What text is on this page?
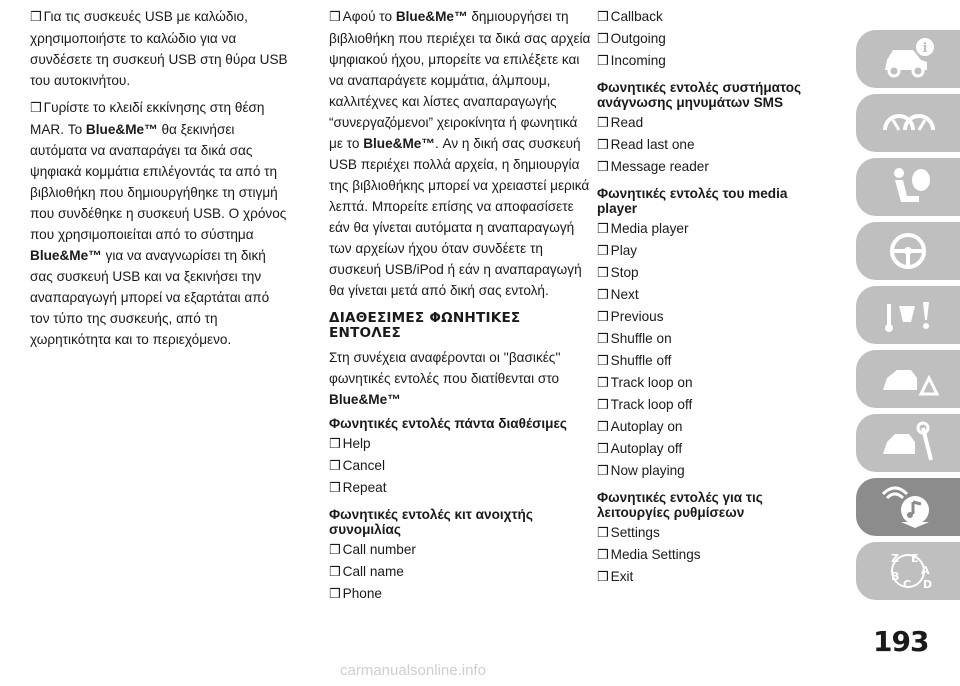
❒ Για τις συσκευές USB με καλώδιο, χρησιμοποιήστε το καλώδιο για να συνδέσετε τη συσκευή USB στη θύρα USB του αυτοκινήτου.

❒ Γυρίστε το κλειδί εκκίνησης στη θέση MAR. Το Blue&Me™ θα ξεκινήσει αυτόματα να αναπαράγει τα δικά σας ψηφιακά κομμάτια επιλέγοντάς τα από τη βιβλιοθήκη που δημιουργήθηκε τη στιγμή που συνδέθηκε η συσκευή USB. Ο χρόνος που χρησιμοποιείται από το σύστημα Blue&Me™ για να αναγνωρίσει τη δική σας συσκευή USB και να ξεκινήσει την αναπαραγωγή μπορεί να εξαρτάται από τον τύπο της συσκευής, από τη χωρητικότητα και το περιεχόμενο.

❒ Αφού το Blue&Me™ δημιουργήσει τη βιβλιοθήκη που περιέχει τα δικά σας αρχεία ψηφιακού ήχου, μπορείτε να επιλέξετε και να αναπαράγετε κομμάτια, άλμπουμ, καλλιτέχνες και λίστες αναπαραγωγής “συνεργαζόμενοι” χειροκίνητα ή φωνητικά με το Blue&Me™. Αν η δική σας συσκευή USB περιέχει πολλά αρχεία, η δημιουργία της βιβλιοθήκης μπορεί να χρειαστεί μερικά λεπτά. Μπορείτε επίσης να αποφασίσετε εάν θα γίνεται αυτόματα η αναπαραγωγή των αρχείων ήχου όταν συνδέετε τη συσκευή USB/iPod ή εάν η αναπαραγωγή θα γίνεται μετά από δική σας εντολή.

ΔΙΑΘΕΣΙΜΕΣ ΦΩΝΗΤΙΚΕΣ ΕΝΤΟΛΕΣ

Στη συνέχεια αναφέρονται οι ''βασικές'' φωνητικές εντολές που διατίθενται στο Blue&Me™

Φωνητικές εντολές πάντα διαθέσιμες
❒ Help
❒ Cancel
❒ Repeat
Φωνητικές εντολές κιτ ανοιχτής συνομιλίας
❒ Call number
❒ Call name
❒ Phone
❒ Callback
❒ Outgoing
❒ Incoming
Φωνητικές εντολές συστήματος ανάγνωσης μηνυμάτων SMS
❒ Read
❒ Read last one
❒ Message reader
Φωνητικές εντολές του media player
❒ Media player
❒ Play
❒ Stop
❒ Next
❒ Previous
❒ Shuffle on
❒ Shuffle off
❒ Track loop on
❒ Track loop off
❒ Autoplay on
❒ Autoplay off
❒ Now playing
Φωνητικές εντολές για τις λειτουργίες ρυθμίσεων
❒ Settings
❒ Media Settings
❒ Exit
i
Z E
A
B
C D
193
carmanualsonline.info
